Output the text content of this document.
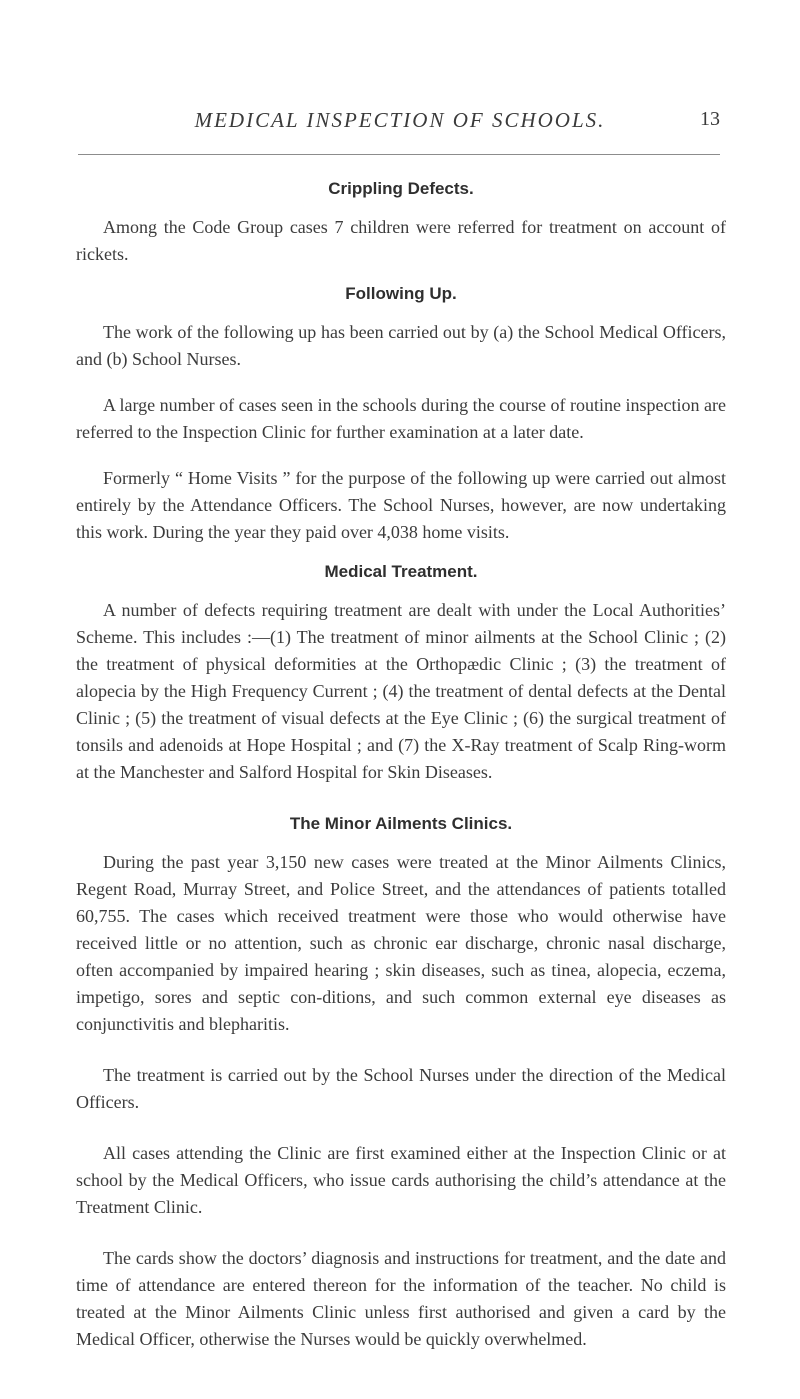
MEDICAL INSPECTION OF SCHOOLS.	13
Crippling Defects.

Among the Code Group cases 7 children were referred for treatment on account of rickets.

Following Up.

The work of the following up has been carried out by (a) the School Medical Officers, and (b) School Nurses.

A large number of cases seen in the schools during the course of routine inspection are referred to the Inspection Clinic for further examination at a later date.

Formerly “ Home Visits ” for the purpose of the following up were carried out almost entirely by the Attendance Officers. The School Nurses, however, are now undertaking this work. During the year they paid over 4,038 home visits.

Medical Treatment.

A number of defects requiring treatment are dealt with under the Local Authorities’ Scheme. This includes :—(1) The treatment of minor ailments at the School Clinic ; (2) the treatment of physical deformities at the Orthopædic Clinic ; (3) the treatment of alopecia by the High Frequency Current ; (4) the treatment of dental defects at the Dental Clinic ; (5) the treatment of visual defects at the Eye Clinic ; (6) the surgical treatment of tonsils and adenoids at Hope Hospital ; and (7) the X-Ray treatment of Scalp Ring-worm at the Manchester and Salford Hospital for Skin Diseases.

The Minor Ailments Clinics.

During the past year 3,150 new cases were treated at the Minor Ailments Clinics, Regent Road, Murray Street, and Police Street, and the attendances of patients totalled 60,755. The cases which received treatment were those who would otherwise have received little or no attention, such as chronic ear discharge, chronic nasal discharge, often accompanied by impaired hearing ; skin diseases, such as tinea, alopecia, eczema, impetigo, sores and septic con-ditions, and such common external eye diseases as conjunctivitis and blepharitis.

The treatment is carried out by the School Nurses under the direction of the Medical Officers.

All cases attending the Clinic are first examined either at the Inspection Clinic or at school by the Medical Officers, who issue cards authorising the child’s attendance at the Treatment Clinic.

The cards show the doctors’ diagnosis and instructions for treatment, and the date and time of attendance are entered thereon for the information of the teacher. No child is treated at the Minor Ailments Clinic unless first authorised and given a card by the Medical Officer, otherwise the Nurses would be quickly overwhelmed.
